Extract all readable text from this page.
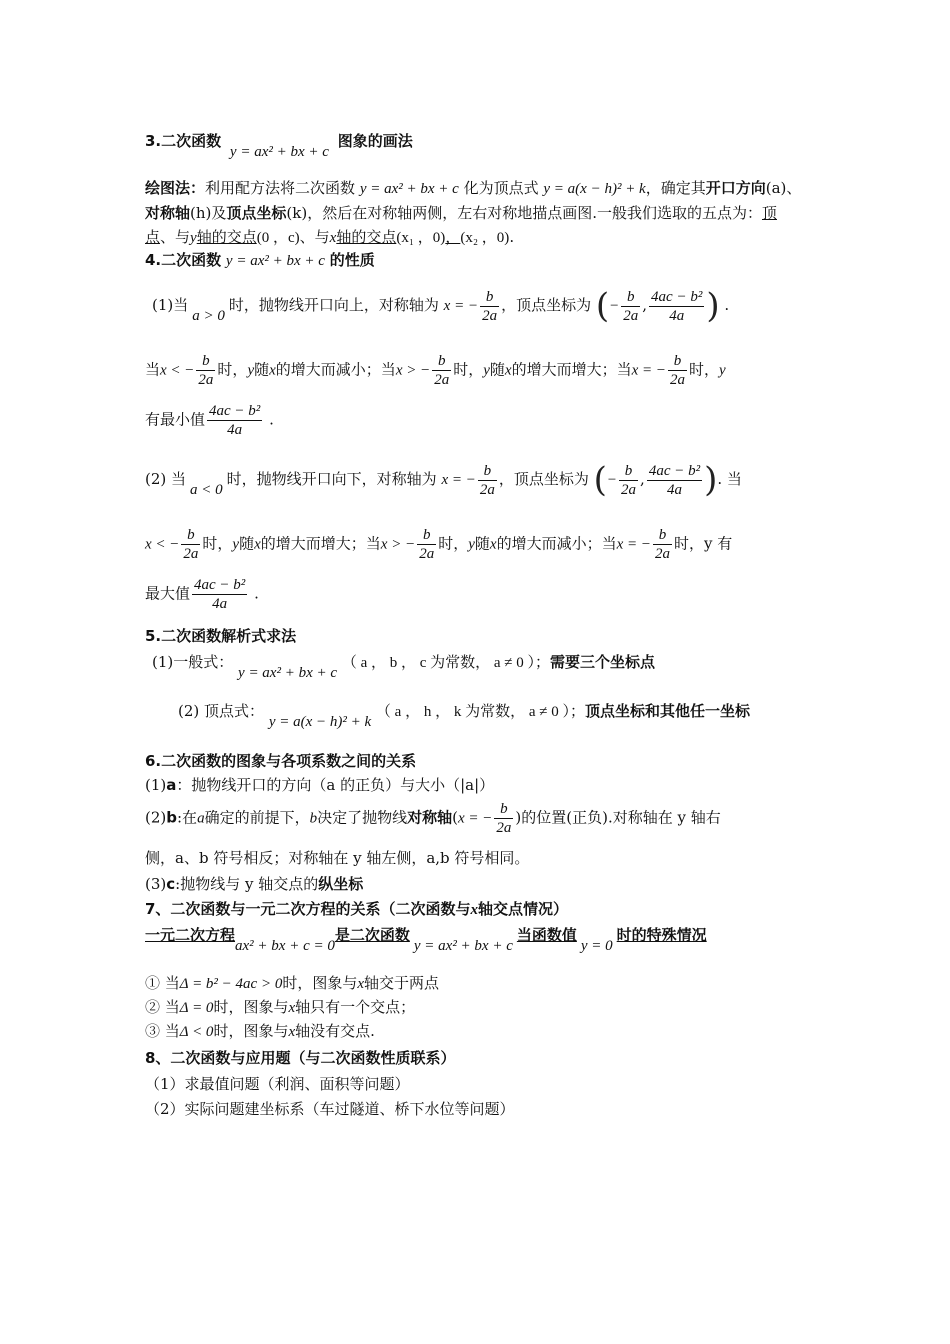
3.二次函数 y = ax² + bx + c 图象的画法
绘图法：利用配方法将二次函数 y = ax² + bx + c 化为顶点式 y = a(x − h)² + k，确定其开口方向(a)、对称轴(h)及顶点坐标(k)，然后在对称轴两侧，左右对称地描点画图.一般我们选取的五点为：顶点、与y轴的交点(0 ，c)、与x轴的交点(x₁ ，0)，(x₂ ，0).
4.二次函数 y = ax² + bx + c 的性质
(1)当a > 0时，抛物线开口向上，对称轴为 x = − $\frac{b}{2a}$ ，顶点坐标为 (− $\frac{b}{2a}$ , $\frac{\text{4ac − b²}}{4a}$ ) .
当x < − $\frac{b}{2a}$ 时，y随x的增大而减小；当x > − $\frac{b}{2a}$ 时，y随x的增大而增大；当x = − $\frac{b}{2a}$ 时，y
有最小值 $\frac{\text{4ac − b²}}{4a}$ .
(2) 当a < 0时，抛物线开口向下，对称轴为 x = − $\frac{b}{2a}$ ，顶点坐标为 (− $\frac{b}{2a}$ , $\frac{\text{4ac − b²}}{4a}$ ). 当
x < − $\frac{b}{2a}$ 时，y随x的增大而增大；当x > − $\frac{b}{2a}$ 时，y随x的增大而减小；当x = − $\frac{b}{2a}$ 时，y 有
最大值 $\frac{\text{4ac − b²}}{4a}$ .
5.二次函数解析式求法
(1)一般式： y = ax² + bx + c （ a ， b ， c 为常数， a ≠ 0 ）；需要三个坐标点
(2) 顶点式： y = a(x − h)² + k （ a ， h ， k 为常数， a ≠ 0 ）；顶点坐标和其他任一坐标
6.二次函数的图象与各项系数之间的关系
(1)a：抛物线开口的方向（a 的正负）与大小（|a|）
(2)b:在a确定的前提下，b决定了抛物线对称轴(x = − $\frac{b}{2a}$ )的位置(正负).对称轴在 y 轴右
侧，a、b 符号相反；对称轴在 y 轴左侧，a,b 符号相同。
(3)c:抛物线与 y 轴交点的纵坐标
7、二次函数与一元二次方程的关系（二次函数与x轴交点情况）
一元二次方程ax² + bx + c = 0是二次函数y = ax² + bx + c当函数值y = 0时的特殊情况
① 当Δ = b² − 4ac > 0时，图象与x轴交于两点
② 当Δ = 0时，图象与x轴只有一个交点；
③ 当Δ < 0时，图象与x轴没有交点.
8、二次函数与应用题（与二次函数性质联系）
（1）求最值问题（利润、面积等问题）
（2）实际问题建坐标系（车过隧道、桥下水位等问题）
